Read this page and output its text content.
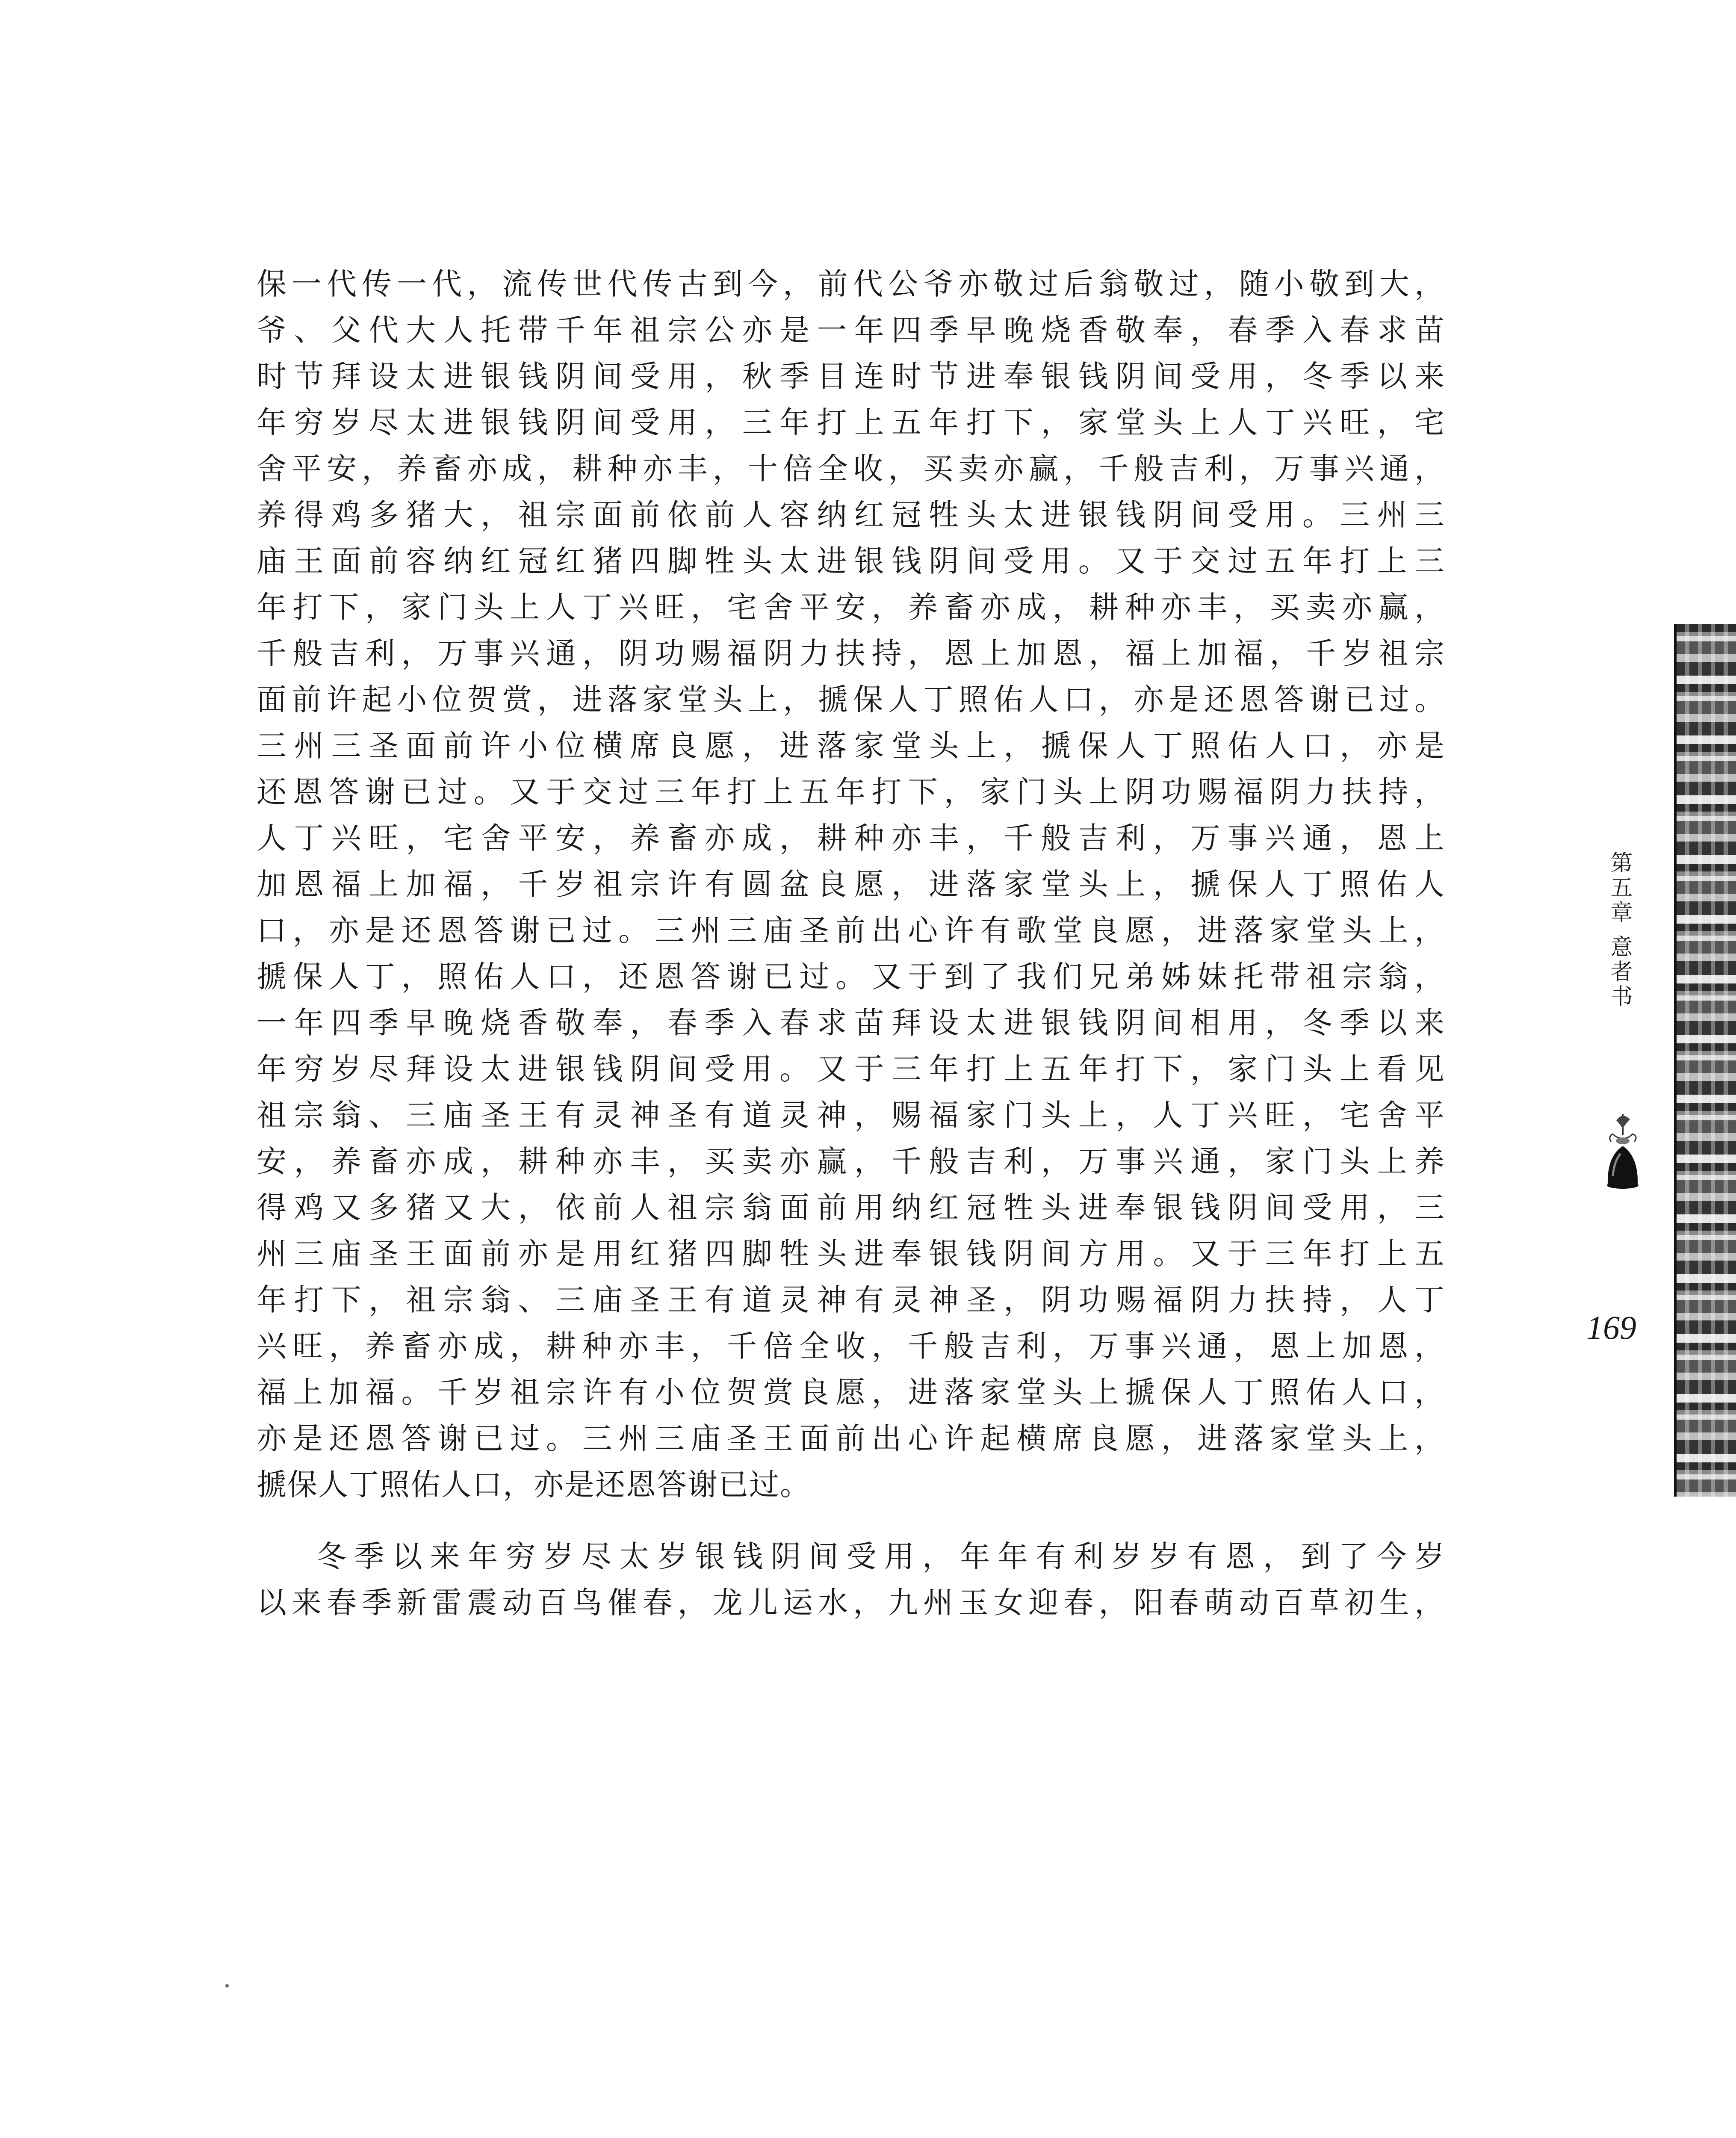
保一代传一代，流传世代传古到今，前代公爷亦敬过后翁敬过，随小敬到大，
爷、父代大人托带千年祖宗公亦是一年四季早晚烧香敬奉，春季入春求苗
时节拜设太进银钱阴间受用，秋季目连时节进奉银钱阴间受用，冬季以来
年穷岁尽太进银钱阴间受用，三年打上五年打下，家堂头上人丁兴旺，宅
舍平安，养畜亦成，耕种亦丰，十倍全收，买卖亦赢，千般吉利，万事兴通，
养得鸡多猪大，祖宗面前依前人容纳红冠牲头太进银钱阴间受用。三州三
庙王面前容纳红冠红猪四脚牲头太进银钱阴间受用。又于交过五年打上三
年打下，家门头上人丁兴旺，宅舍平安，养畜亦成，耕种亦丰，买卖亦赢，
千般吉利，万事兴通，阴功赐福阴力扶持，恩上加恩，福上加福，千岁祖宗
面前许起小位贺赏，进落家堂头上，搋保人丁照佑人口，亦是还恩答谢已过。
三州三圣面前许小位横席良愿，进落家堂头上，搋保人丁照佑人口，亦是
还恩答谢已过。又于交过三年打上五年打下，家门头上阴功赐福阴力扶持，
人丁兴旺，宅舍平安，养畜亦成，耕种亦丰，千般吉利，万事兴通，恩上
加恩福上加福，千岁祖宗许有圆盆良愿，进落家堂头上，搋保人丁照佑人
口，亦是还恩答谢已过。三州三庙圣前出心许有歌堂良愿，进落家堂头上，
搋保人丁，照佑人口，还恩答谢已过。又于到了我们兄弟姊妹托带祖宗翁，
一年四季早晚烧香敬奉，春季入春求苗拜设太进银钱阴间相用，冬季以来
年穷岁尽拜设太进银钱阴间受用。又于三年打上五年打下，家门头上看见
祖宗翁、三庙圣王有灵神圣有道灵神，赐福家门头上，人丁兴旺，宅舍平
安，养畜亦成，耕种亦丰，买卖亦赢，千般吉利，万事兴通，家门头上养
得鸡又多猪又大，依前人祖宗翁面前用纳红冠牲头进奉银钱阴间受用，三
州三庙圣王面前亦是用红猪四脚牲头进奉银钱阴间方用。又于三年打上五
年打下，祖宗翁、三庙圣王有道灵神有灵神圣，阴功赐福阴力扶持，人丁
兴旺，养畜亦成，耕种亦丰，千倍全收，千般吉利，万事兴通，恩上加恩，
福上加福。千岁祖宗许有小位贺赏良愿，进落家堂头上搋保人丁照佑人口，
亦是还恩答谢已过。三州三庙圣王面前出心许起横席良愿，进落家堂头上，
搋保人丁照佑人口，亦是还恩答谢已过。
冬季以来年穷岁尽太岁银钱阴间受用，年年有利岁岁有恩，到了今岁
以来春季新雷震动百鸟催春，龙儿运水，九州玉女迎春，阳春萌动百草初生，
第五章 意者书
169
